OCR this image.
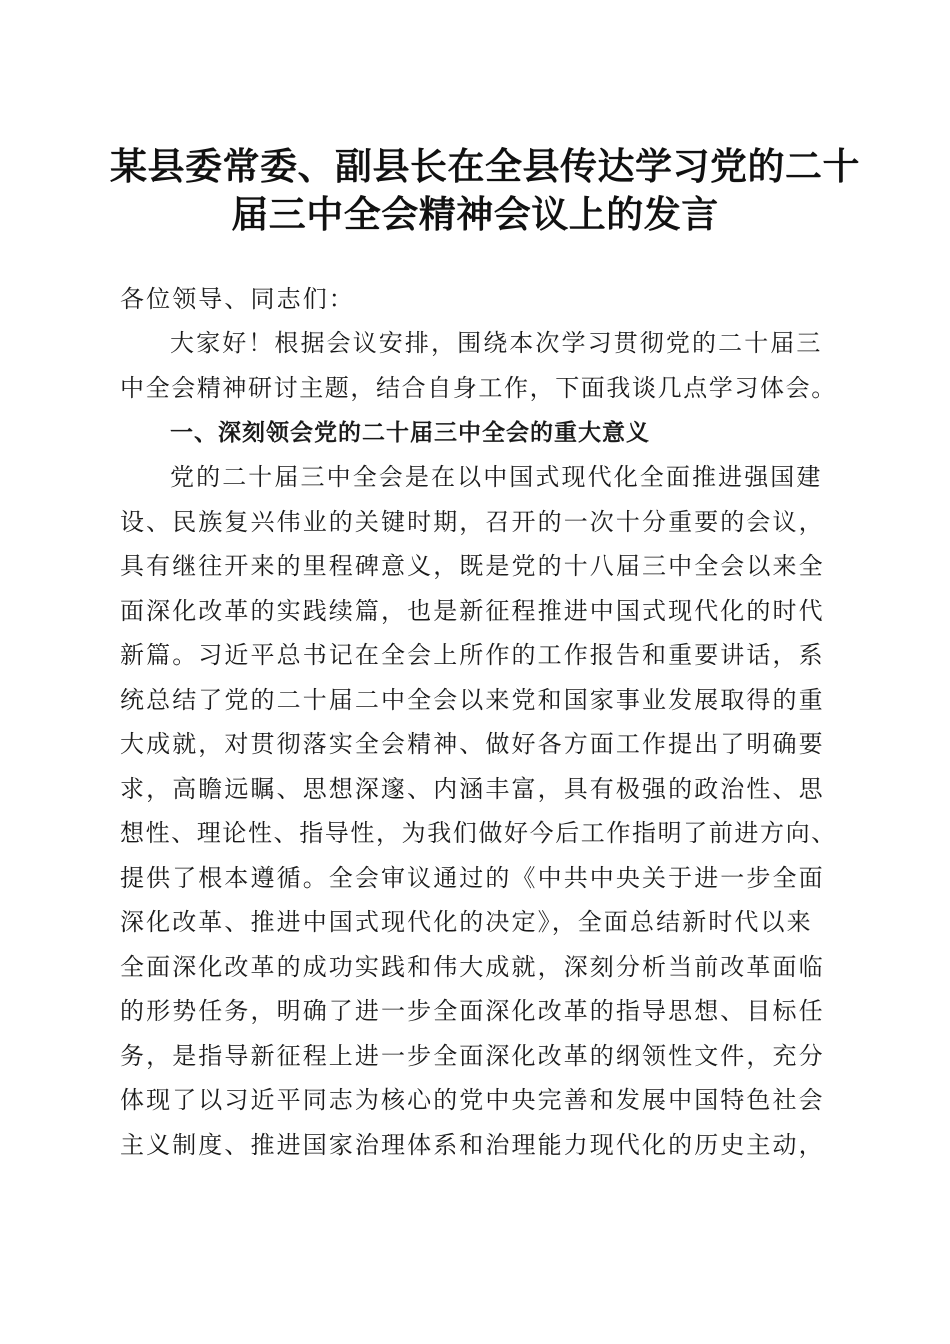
某县委常委、副县长在全县传达学习党的二十
届三中全会精神会议上的发言
各位领导、同志们：
大家好！根据会议安排，围绕本次学习贯彻党的二十届三
中全会精神研讨主题，结合自身工作，下面我谈几点学习体会。
一、深刻领会党的二十届三中全会的重大意义
党的二十届三中全会是在以中国式现代化全面推进强国建
设、民族复兴伟业的关键时期，召开的一次十分重要的会议，
具有继往开来的里程碑意义，既是党的十八届三中全会以来全
面深化改革的实践续篇，也是新征程推进中国式现代化的时代
新篇。习近平总书记在全会上所作的工作报告和重要讲话，系
统总结了党的二十届二中全会以来党和国家事业发展取得的重
大成就，对贯彻落实全会精神、做好各方面工作提出了明确要
求，高瞻远瞩、思想深邃、内涵丰富，具有极强的政治性、思
想性、理论性、指导性，为我们做好今后工作指明了前进方向、
提供了根本遵循。全会审议通过的《中共中央关于进一步全面
深化改革、推进中国式现代化的决定》，全面总结新时代以来
全面深化改革的成功实践和伟大成就，深刻分析当前改革面临
的形势任务，明确了进一步全面深化改革的指导思想、目标任
务，是指导新征程上进一步全面深化改革的纲领性文件，充分
体现了以习近平同志为核心的党中央完善和发展中国特色社会
主义制度、推进国家治理体系和治理能力现代化的历史主动，
